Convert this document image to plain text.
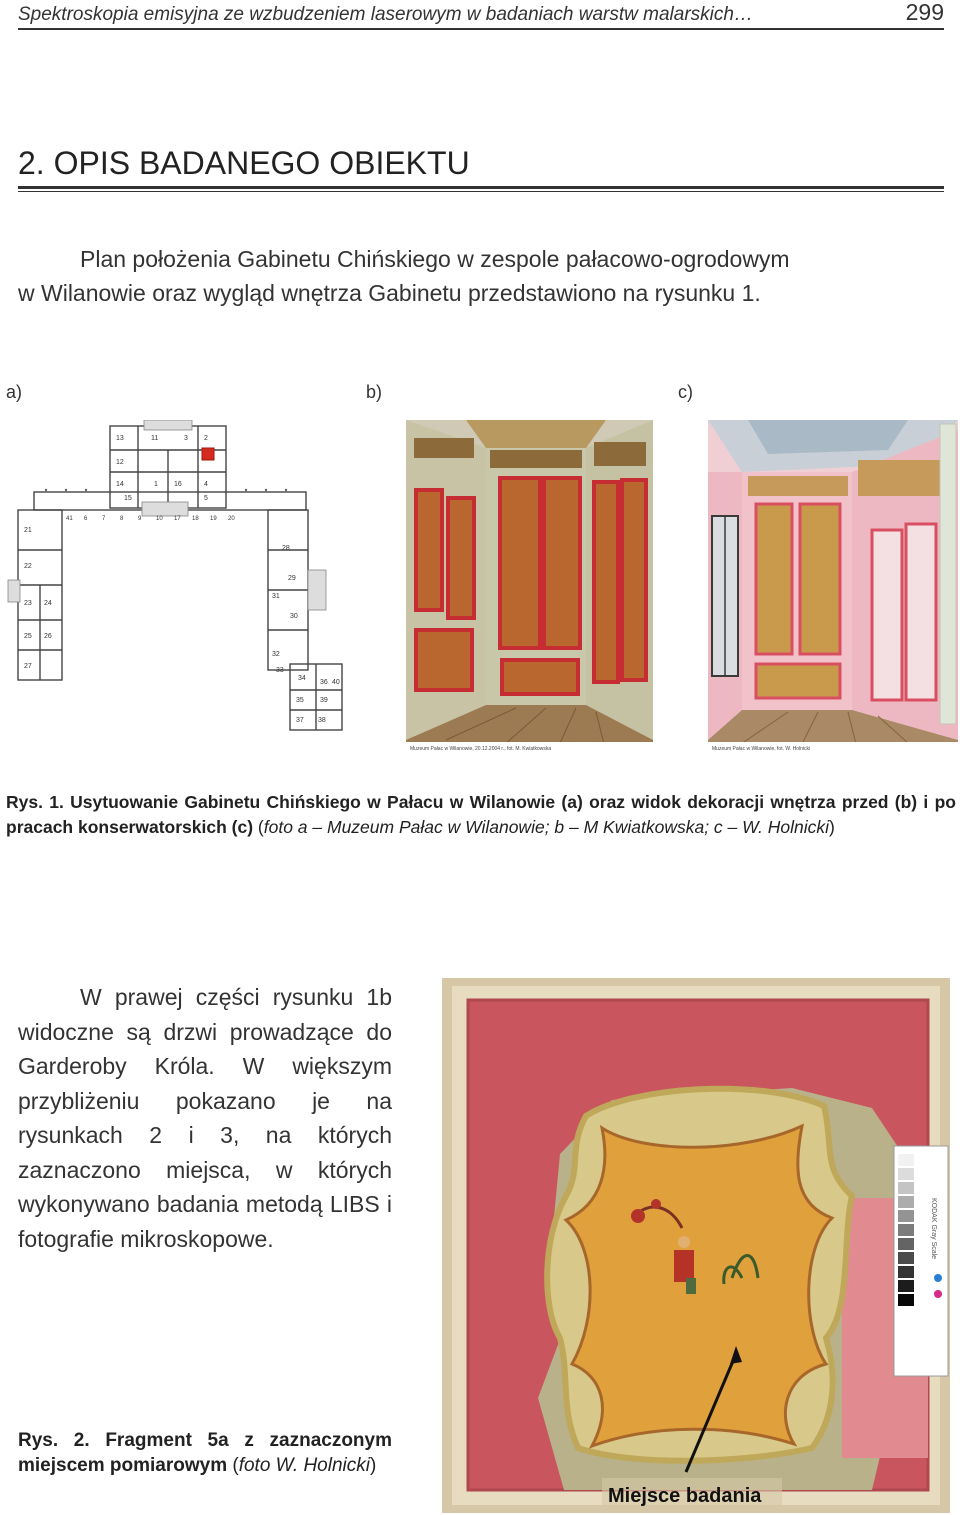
Spektroskopia emisyjna ze wzbudzeniem laserowym w badaniach warstw malarskich…	299
2. OPIS BADANEGO OBIEKTU

Plan położenia Gabinetu Chińskiego w zespole pałacowo-ogrodowym

w Wilanowie oraz wygląd wnętrza Gabinetu przedstawiono na rysunku 1.

a)	b)	c)
13
12
11	3 2
14
15
1 16	4
5
21
22
23 24
25 26
27
28
29
31
30
32
33
34
35
36
37 38
39
40
41 6 7 8 9 10 17 18 19 20
Muzeum Pałac w Wilanowie, 20.12.2004 r., fot. M. Kwiatkowska	Muzeum Pałac w Wilanowie, fot. W. Holnicki
Rys. 1. Usytuowanie Gabinetu Chińskiego w Pałacu w Wilanowie (a) oraz widok dekoracji wnętrza przed (b) i po pracach konserwatorskich (c) (foto a – Muzeum Pałac w Wilanowie; b – M Kwiatkowska; c – W. Holnicki)
W prawej części rysunku 1b widoczne są drzwi prowadzące do Garderoby Króla. W większym przybliżeniu pokazano je na rysunkach 2 i 3, na których zaznaczono miejsca, w których wykonywano badania metodą LIBS i fotografie mikroskopowe.	KODAK Gray Scale
Miejsce badania
Rys. 2. Fragment 5a z zaznaczonym miejscem pomiarowym (foto W. Holnicki)
